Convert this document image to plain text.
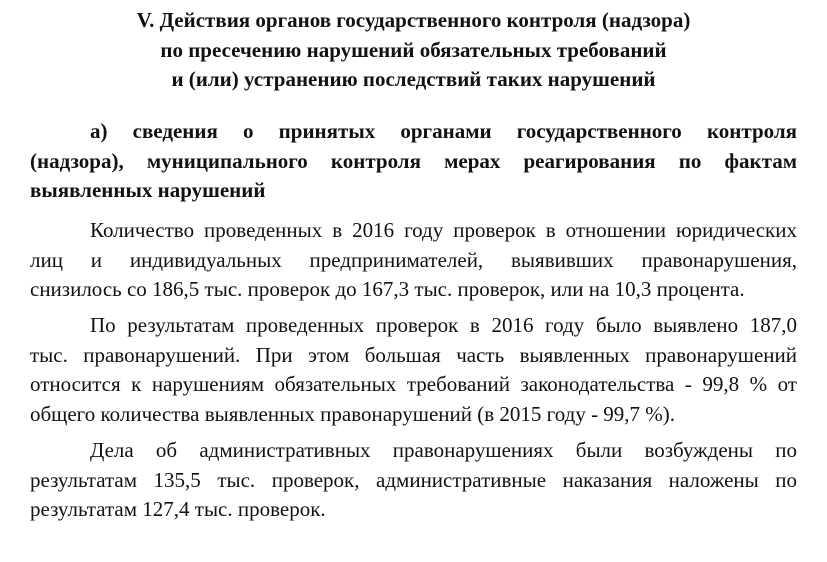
V. Действия органов государственного контроля (надзора)
по пресечению нарушений обязательных требований
и (или) устранению последствий таких нарушений
а) сведения о принятых органами государственного контроля
(надзора), муниципального контроля мерах реагирования по фактам
выявленных нарушений

Количество проведенных в 2016 году проверок в отношении юридических
лиц и индивидуальных предпринимателей, выявивших правонарушения,
снизилось со 186,5 тыс. проверок до 167,3 тыс. проверок, или на 10,3 процента.

По результатам проведенных проверок в 2016 году было выявлено 187,0
тыс. правонарушений. При этом большая часть выявленных правонарушений
относится к нарушениям обязательных требований законодательства - 99,8 % от
общего количества выявленных правонарушений (в 2015 году - 99,7 %).

Дела об административных правонарушениях были возбуждены по
результатам 135,5 тыс. проверок, административные наказания наложены по
результатам 127,4 тыс. проверок.
